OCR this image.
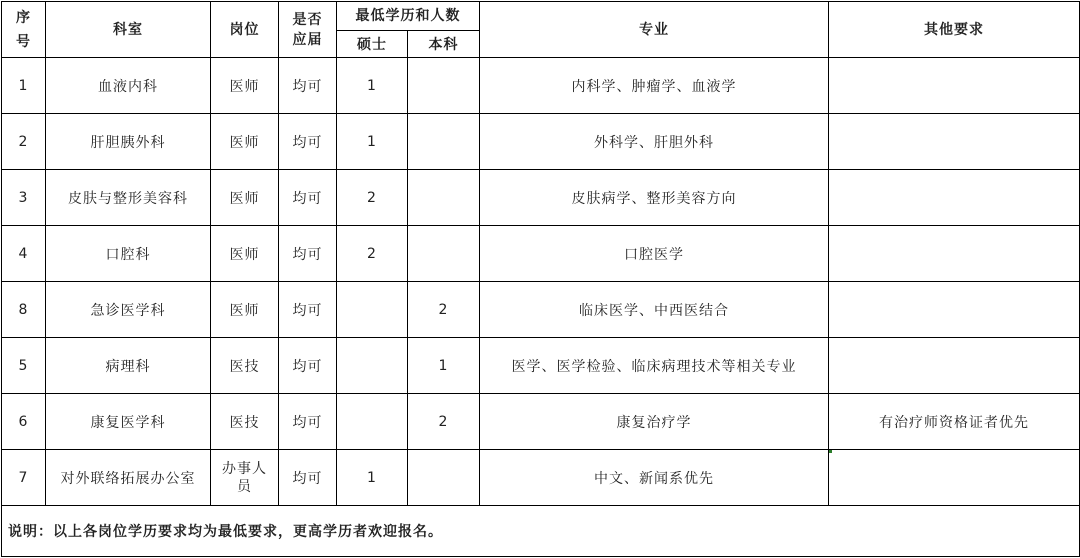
序号	科室	岗位	是否应届	最低学历和人数		专业	其他要求
				硕士	本科		
1	血液内科	医师	均可	1		内科学、肿瘤学、血液学	
2	肝胆胰外科	医师	均可	1		外科学、肝胆外科	
3	皮肤与整形美容科	医师	均可	2		皮肤病学、整形美容方向	
4	口腔科	医师	均可	2		口腔医学	
8	急诊医学科	医师	均可		2	临床医学、中西医结合	
5	病理科	医技	均可		1	医学、医学检验、临床病理技术等相关专业	
6	康复医学科	医技	均可		2	康复治疗学	有治疗师资格证者优先
7	对外联络拓展办公室	办事人员	均可	1		中文、新闻系优先	

说明：以上各岗位学历要求均为最低要求，更高学历者欢迎报名。							
